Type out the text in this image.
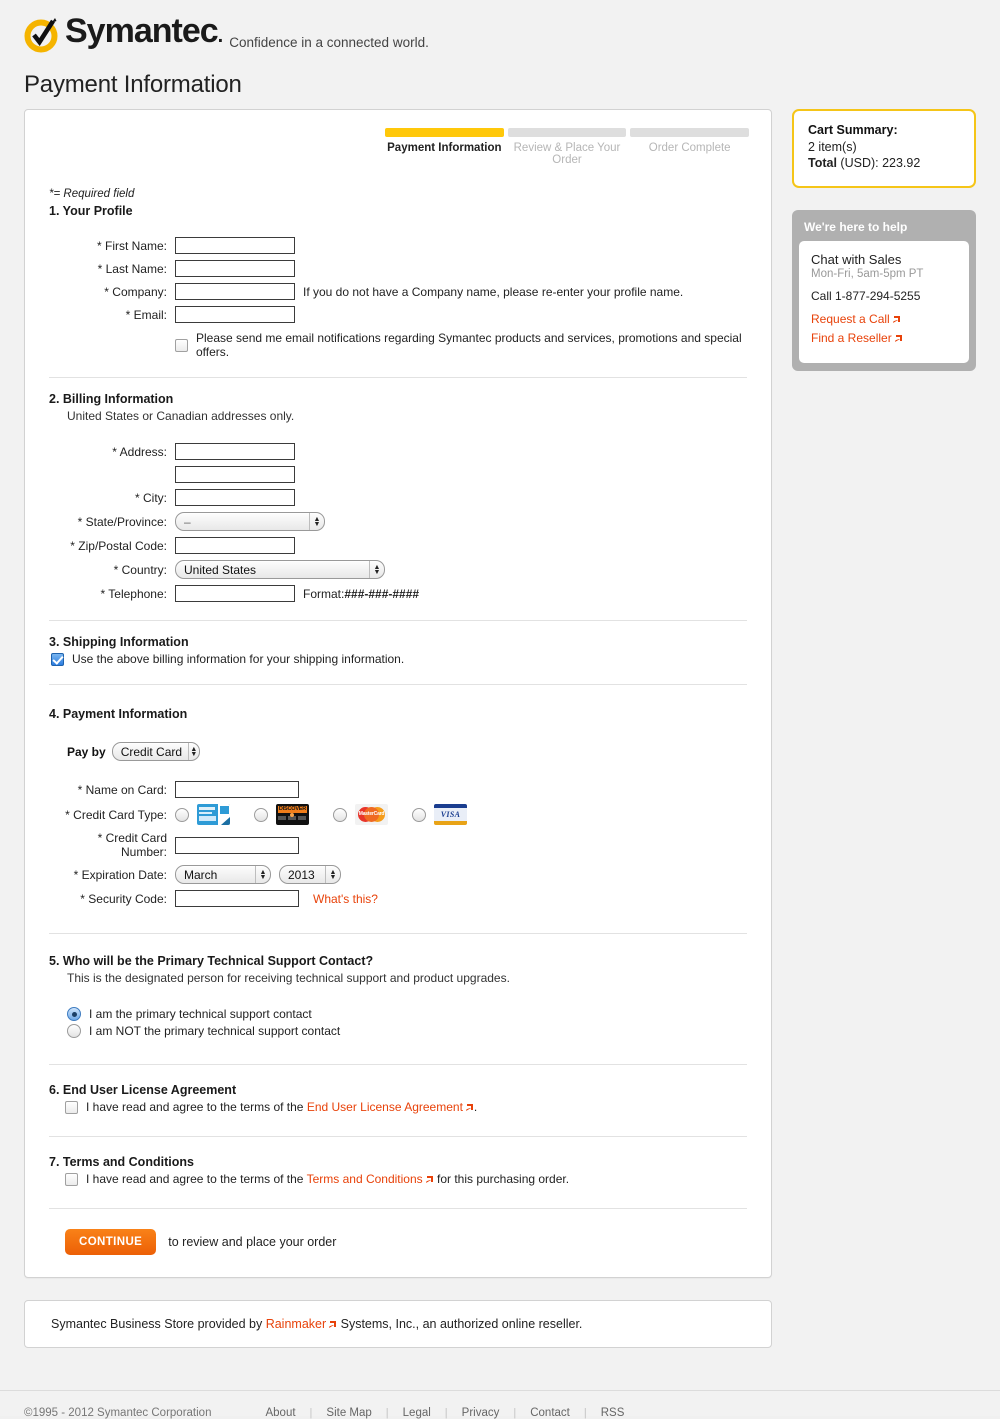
Symantec. Confidence in a connected world.
Payment Information
Payment Information	Review & Place Your Order
Order Complete
*= Required field
1. Your Profile
* First Name:
* Last Name:
* Company:	If you do not have a Company name, please re-enter your profile name.
* Email:
Please send me email notifications regarding Symantec products and services, promotions and special offers.
2. Billing Information
United States or Canadian addresses only.
* Address:
* City:
* State/Province:	–	▲
▼
* Zip/Postal Code:
* Country:	United States	▲
▼
* Telephone:	Format: ###-###-####
3. Shipping Information
Use the above billing information for your shipping information.
4. Payment Information
Pay by Credit Card	▲
▼
* Name on Card:
* Credit Card Type:	DISCOVER
MasterCard	VISA
* Credit Card Number:
* Expiration Date:	March	▲
▼ 2013	▲
▼
* Security Code:	What's this?
5. Who will be the Primary Technical Support Contact?
This is the designated person for receiving technical support and product upgrades.
I am the primary technical support contact
I am NOT the primary technical support contact
6. End User License Agreement
I have read and agree to the terms of the End User License Agreement .
7. Terms and Conditions
I have read and agree to the terms of the Terms and Conditions for this purchasing order.
CONTINUE	to review and place your order
Cart Summary:
2 item(s)
Total (USD): 223.92
We're here to help
Chat with Sales
Mon-Fri, 5am-5pm PT
Call 1-877-294-5255
Request a Call
Find a Reseller
Symantec Business Store provided by Rainmaker Systems, Inc., an authorized online reseller.
©1995 - 2012 Symantec Corporation	About	|	Site Map	|	Legal	|	Privacy	|	Contact	|	RSS
